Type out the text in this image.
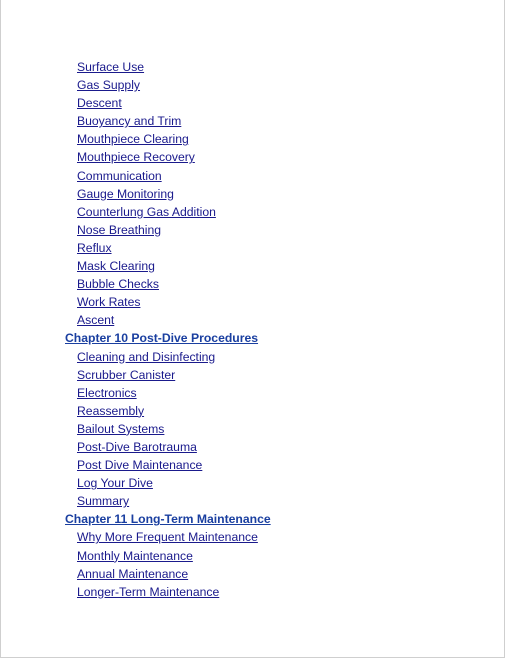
Surface Use
Gas Supply
Descent
Buoyancy and Trim
Mouthpiece Clearing
Mouthpiece Recovery
Communication
Gauge Monitoring
Counterlung Gas Addition
Nose Breathing
Reflux
Mask Clearing
Bubble Checks
Work Rates
Ascent
Chapter 10 Post-Dive Procedures
Cleaning and Disinfecting
Scrubber Canister
Electronics
Reassembly
Bailout Systems
Post-Dive Barotrauma
Post Dive Maintenance
Log Your Dive
Summary
Chapter 11 Long-Term Maintenance
Why More Frequent Maintenance
Monthly Maintenance
Annual Maintenance
Longer-Term Maintenance
